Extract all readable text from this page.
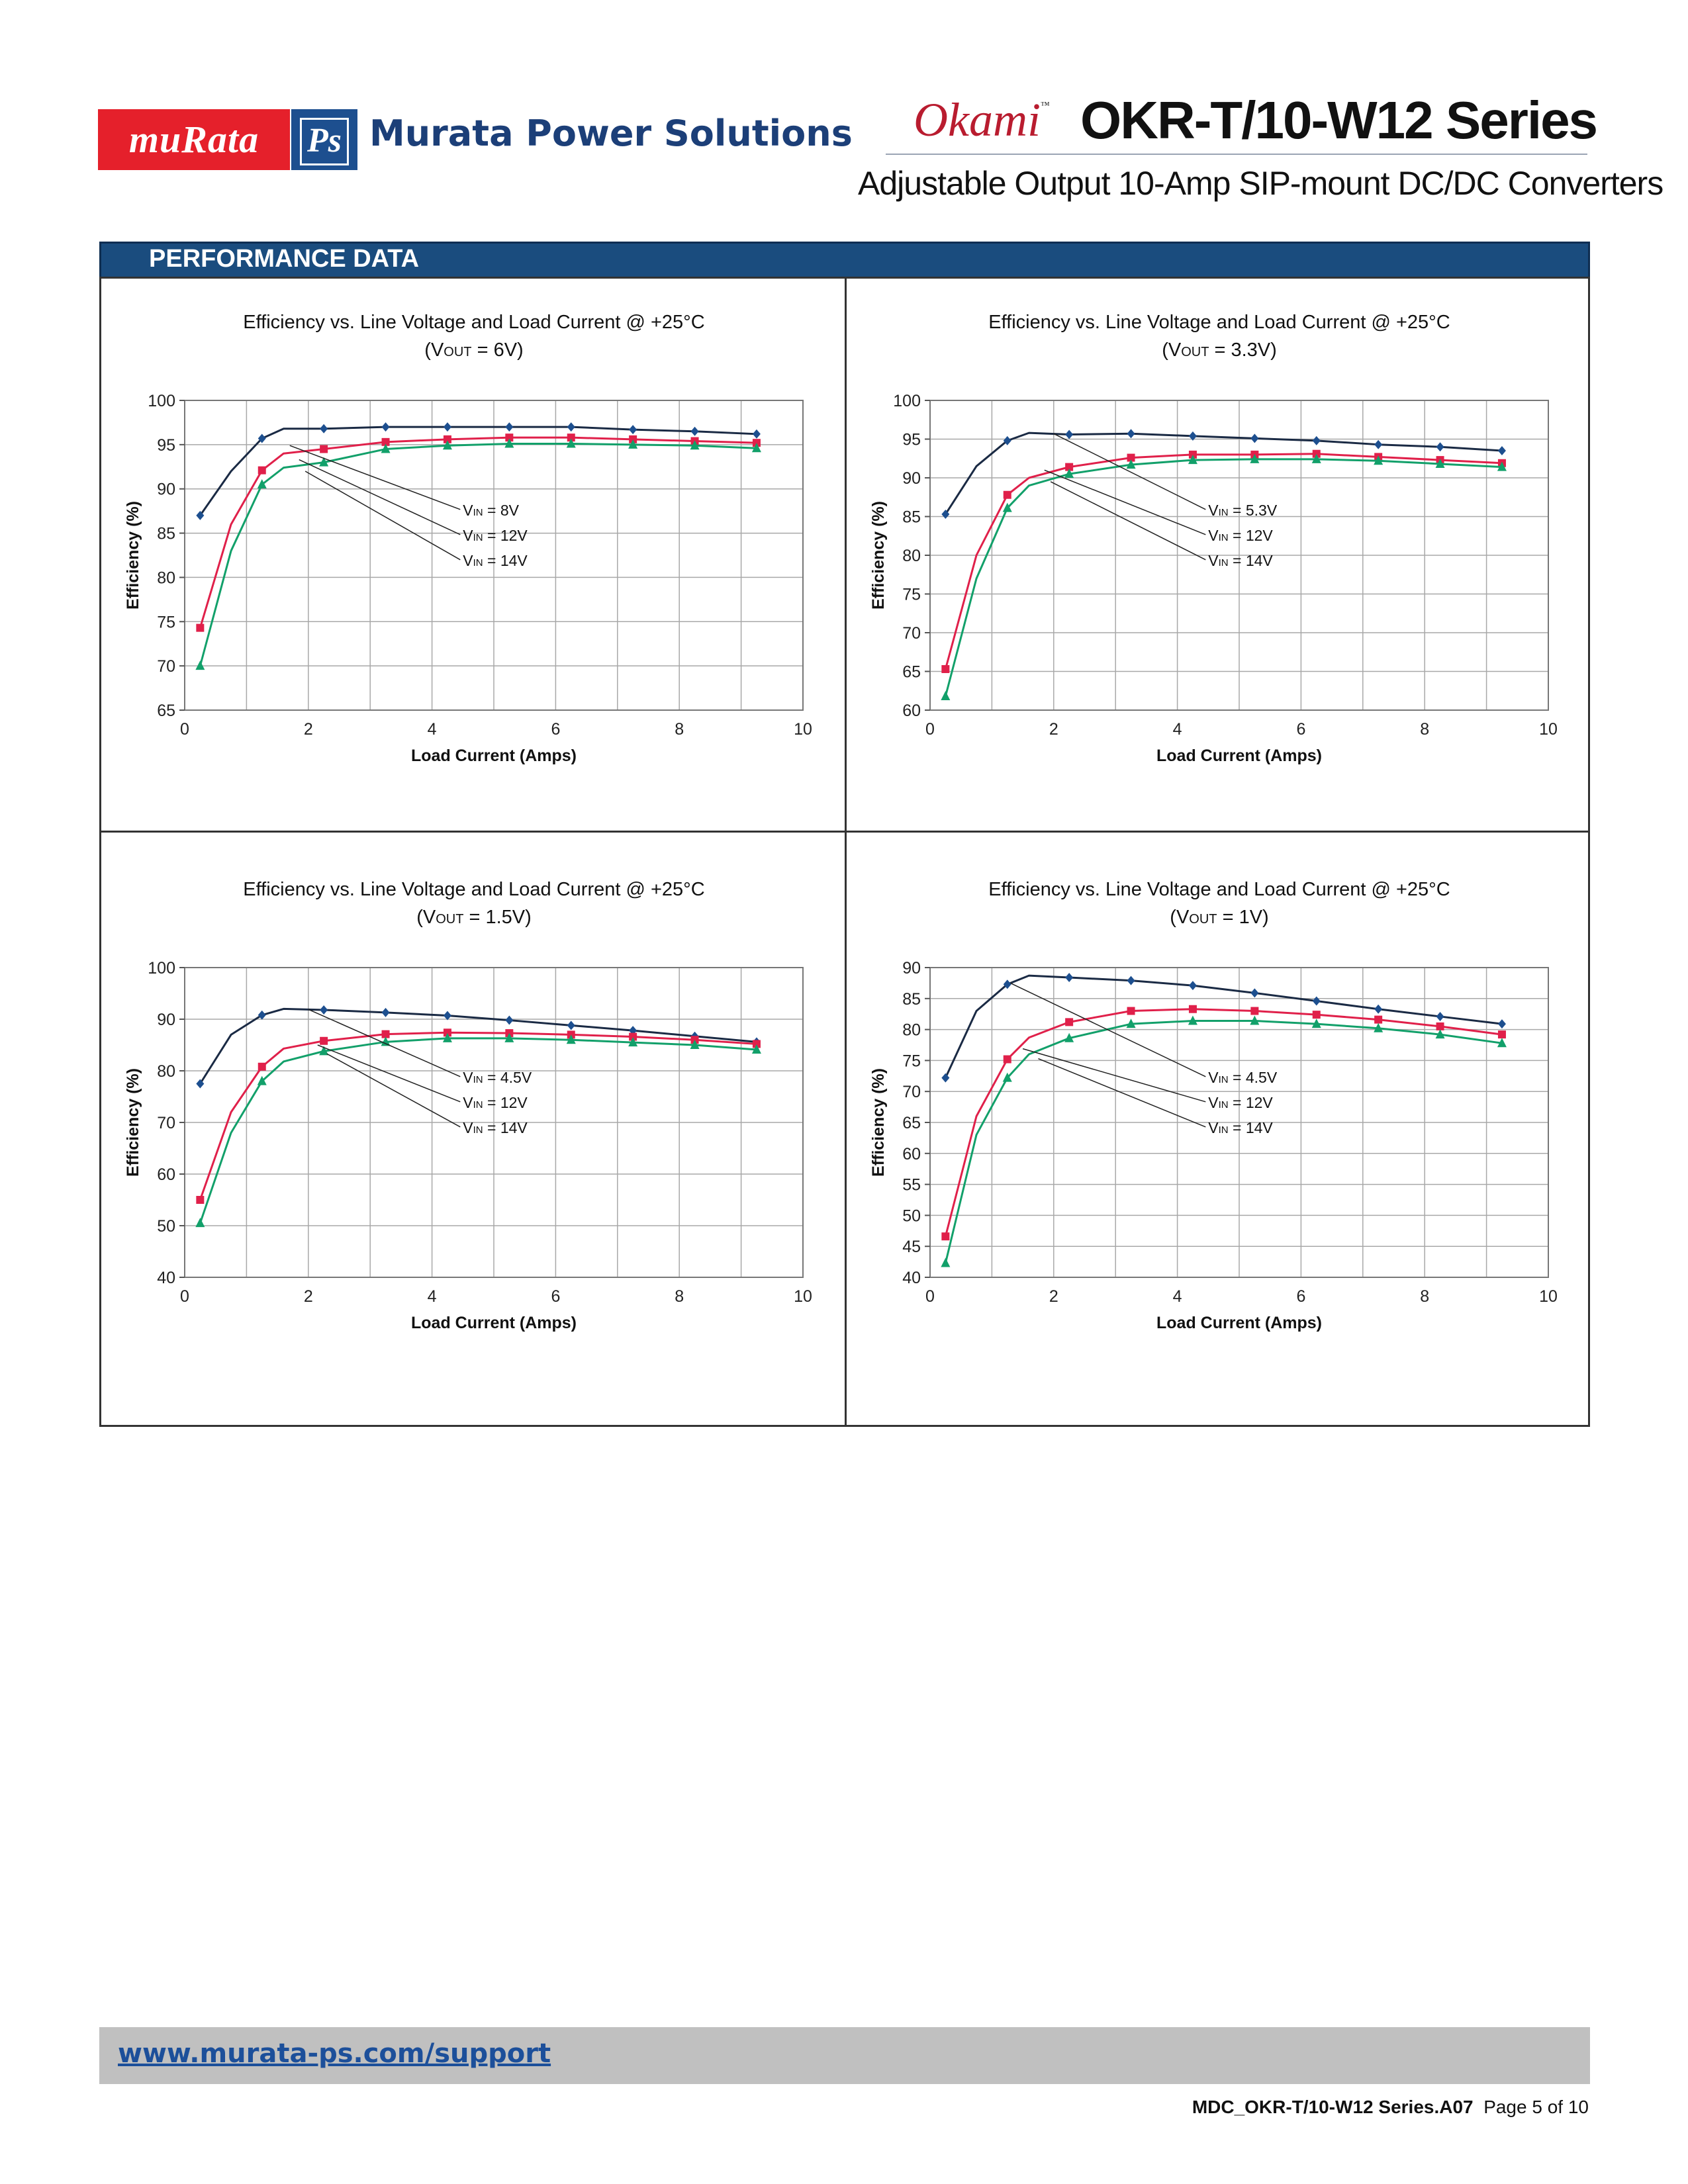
muRata	Ps Murata Power Solutions Okami™ OKR-T/10-W12 Series
Adjustable Output 10-Amp SIP-mount DC/DC Converters
PERFORMANCE DATA
Efficiency vs. Line Voltage and Load Current @ +25°C
(VOUT = 6V)
65
70
75
80
85
90
95
100
0	2	4	6	8	10
Load Current (Amps)
Efficiency (%)	VIN = 8V
VIN = 12V
VIN = 14V
Efficiency vs. Line Voltage and Load Current @ +25°C
(VOUT = 3.3V)
60
65
70
75
80
85
90
95
100
0	2	4	6	8	10
Load Current (Amps)
Efficiency (%)	VIN = 5.3V
VIN = 12V
VIN = 14V
Efficiency vs. Line Voltage and Load Current @ +25°C
(VOUT = 1.5V)
40
50
60
70
80
90
100
0	2	4	6	8	10
Load Current (Amps)
Efficiency (%)	VIN = 4.5V
VIN = 12V
VIN = 14V
Efficiency vs. Line Voltage and Load Current @ +25°C
(VOUT = 1V)
40
45
50
55
60
65
70
75
80
85
90
0	2	4	6	8	10
Load Current (Amps)
Efficiency (%)	VIN = 4.5V
VIN = 12V
VIN = 14V
www.murata-ps.com/support
MDC_OKR-T/10-W12 Series.A07 Page 5 of 10
